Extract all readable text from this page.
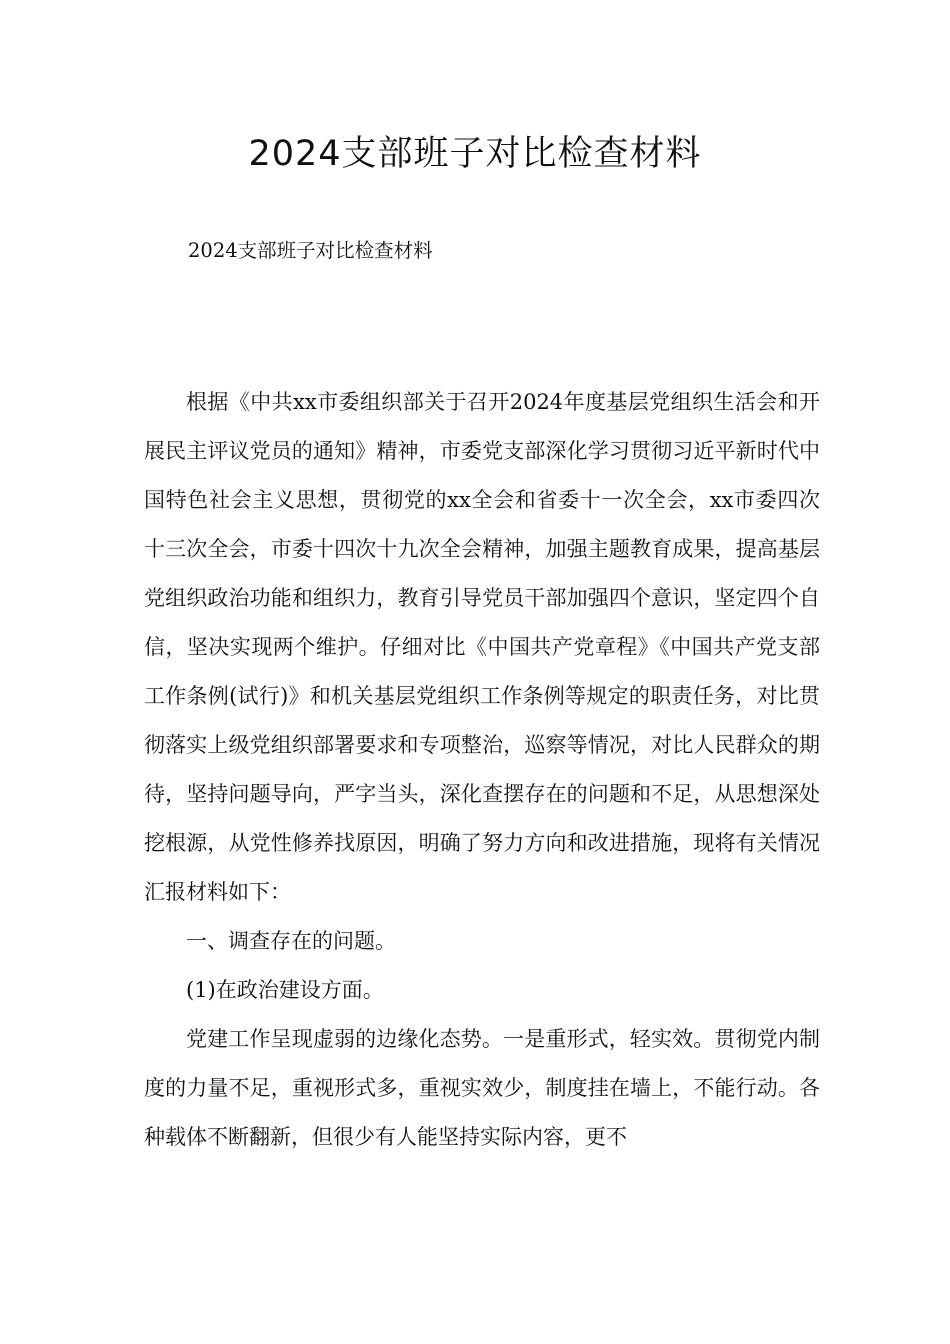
2024支部班子对比检查材料

2024支部班子对比检查材料

根据《中共xx市委组织部关于召开2024年度基层党组织生活会和开展民主评议党员的通知》精神，市委党支部深化学习贯彻习近平新时代中国特色社会主义思想，贯彻党的xx全会和省委十一次全会，xx市委四次十三次全会，市委十四次十九次全会精神，加强主题教育成果，提高基层党组织政治功能和组织力，教育引导党员干部加强四个意识，坚定四个自信，坚决实现两个维护。仔细对比《中国共产党章程》《中国共产党支部工作条例(试行)》和机关基层党组织工作条例等规定的职责任务，对比贯彻落实上级党组织部署要求和专项整治，巡察等情况，对比人民群众的期待，坚持问题导向，严字当头，深化查摆存在的问题和不足，从思想深处挖根源，从党性修养找原因，明确了努力方向和改进措施，现将有关情况汇报材料如下：

一、调查存在的问题。

(1)在政治建设方面。

党建工作呈现虚弱的边缘化态势。一是重形式，轻实效。贯彻党内制度的力量不足，重视形式多，重视实效少，制度挂在墙上，不能行动。各种载体不断翻新，但很少有人能坚持实际内容，更不
